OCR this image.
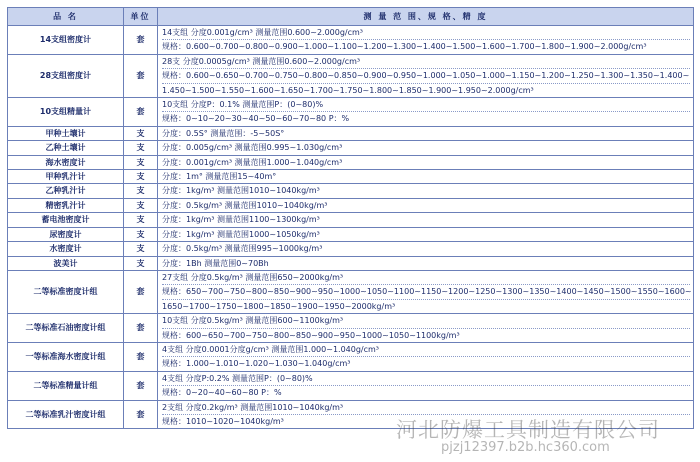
品 名	单位	测 量 范 围、规 格、精 度
14支组密度计	套	14支组 分度0.001g/cm³ 测量范围0.600~2.000g/cm³
规格：0.600~0.700~0.800~0.900~1.000~1.100~1.200~1.300~1.400~1.500~1.600~1.700~1.800~1.900~2.000g/cm³

28支组密度计	套	28支 分度0.0005g/cm³ 测量范围0.600~2.000g/cm³
规格：0.600~0.650~0.700~0.750~0.800~0.850~0.900~0.950~1.000~1.050~1.000~1.150~1.200~1.250~1.300~1.350~1.400~
1.450~1.500~1.550~1.600~1.650~1.700~1.750~1.800~1.850~1.900~1.950~2.000g/cm³

10支组精量计	套	10支组 分度P：0.1% 测量范围P：(0~80)%
规格：0~10~20~30~40~50~60~70~80 P：%

甲种土壤计	支	分度：0.5S° 测量范围：-5~50S°

乙种土壤计	支	分度：0.005g/cm³ 测量范围0.995~1.030g/cm³

海水密度计	支	分度：0.001g/cm³ 测量范围1.000~1.040g/cm³

甲种乳汁计	支	分度：1m° 测量范围15~40m°

乙种乳汁计	支	分度：1kg/m³ 测量范围1010~1040kg/m³

精密乳汁计	支	分度：0.5kg/m³ 测量范围1010~1040kg/m³

蓄电池密度计	支	分度：1kg/m³ 测量范围1100~1300kg/m³

尿密度计	支	分度：1kg/m³ 测量范围1000~1050kg/m³

水密度计	支	分度：0.5kg/m³ 测量范围995~1000kg/m³

波美计	支	分度：1Bh 测量范围0~70Bh

二等标准密度计组	套	27支组 分度0.5kg/m³ 测量范围650~2000kg/m³
规格：650~700~750~800~850~900~950~1000~1050~1100~1150~1200~1250~1300~1350~1400~1450~1500~1550~1600~
1650~1700~1750~1800~1850~1900~1950~2000kg/m³

二等标准石油密度计组	套	10支组 分度0.5kg/m³ 测量范围600~1100kg/m³
规格：600~650~700~750~800~850~900~950~1000~1050~1100kg/m³

一等标准海水密度计组	套	4支组 分度0.0001分度g/cm³ 测量范围1.000~1.040g/cm³
规格：1.000~1.010~1.020~1.030~1.040g/cm³

二等标准精量计组	套	4支组 分度P:0.2% 测量范围P：(0~80)%
规格：0~20~40~60~80 P：%

二等标准乳汁密度计组	套	2支组 分度0.2kg/m³ 测量范围1010~1040kg/m³
规格：1010~1020~1040kg/m³	河北防爆工具制造有限公司
pjzj12397.b2b.hc360.com
